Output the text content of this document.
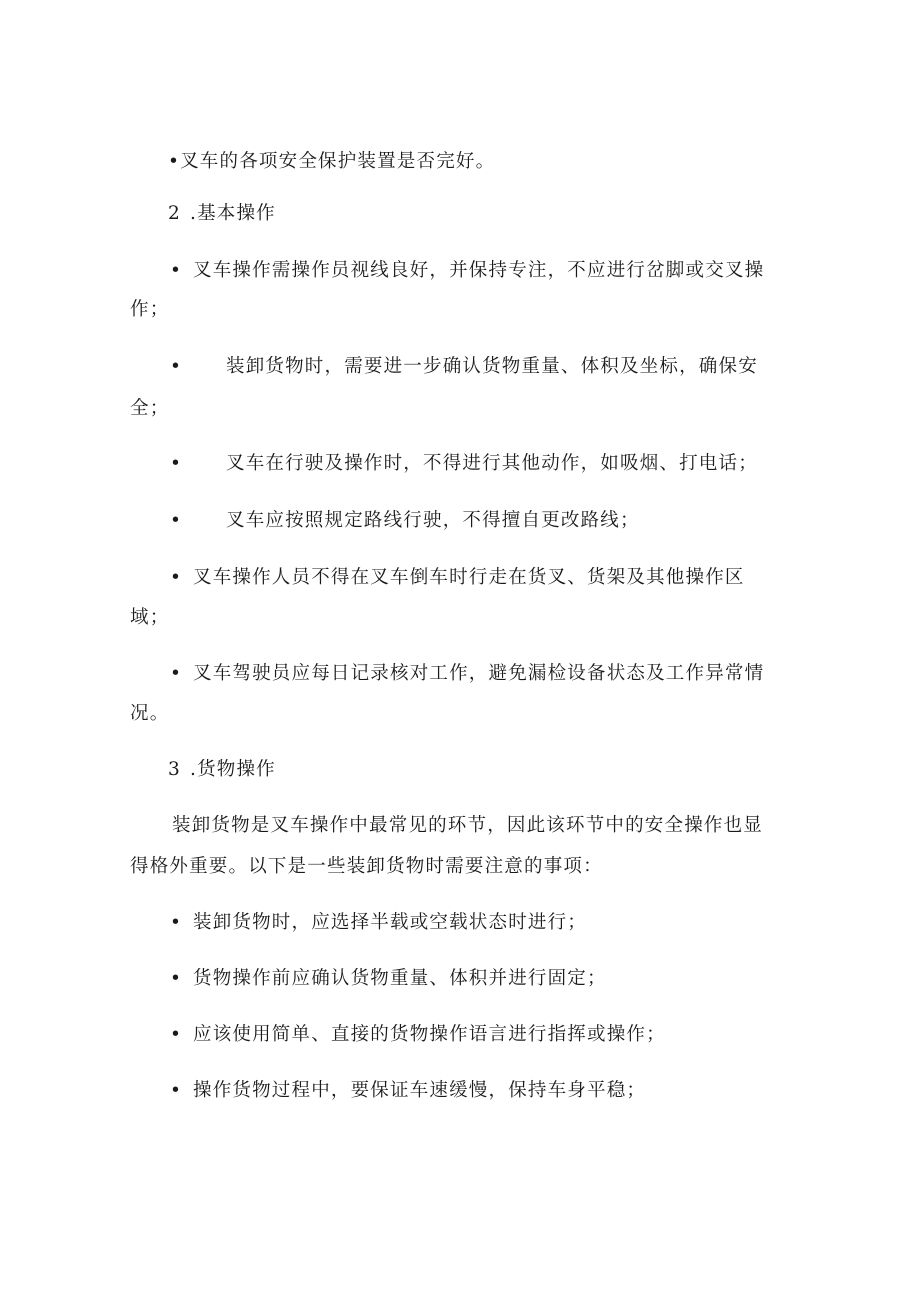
•叉车的各项安全保护装置是否完好。
2 .基本操作
• 叉车操作需操作员视线良好，并保持专注，不应进行岔脚或交叉操
作；
• 装卸货物时，需要进一步确认货物重量、体积及坐标，确保安
全；
• 叉车在行驶及操作时，不得进行其他动作，如吸烟、打电话；
• 叉车应按照规定路线行驶，不得擅自更改路线；
• 叉车操作人员不得在叉车倒车时行走在货叉、货架及其他操作区
域；
• 叉车驾驶员应每日记录核对工作，避免漏检设备状态及工作异常情
况。
3 .货物操作
装卸货物是叉车操作中最常见的环节，因此该环节中的安全操作也显
得格外重要。以下是一些装卸货物时需要注意的事项：
• 装卸货物时，应选择半载或空载状态时进行；
• 货物操作前应确认货物重量、体积并进行固定；
• 应该使用简单、直接的货物操作语言进行指挥或操作；
• 操作货物过程中，要保证车速缓慢，保持车身平稳；
